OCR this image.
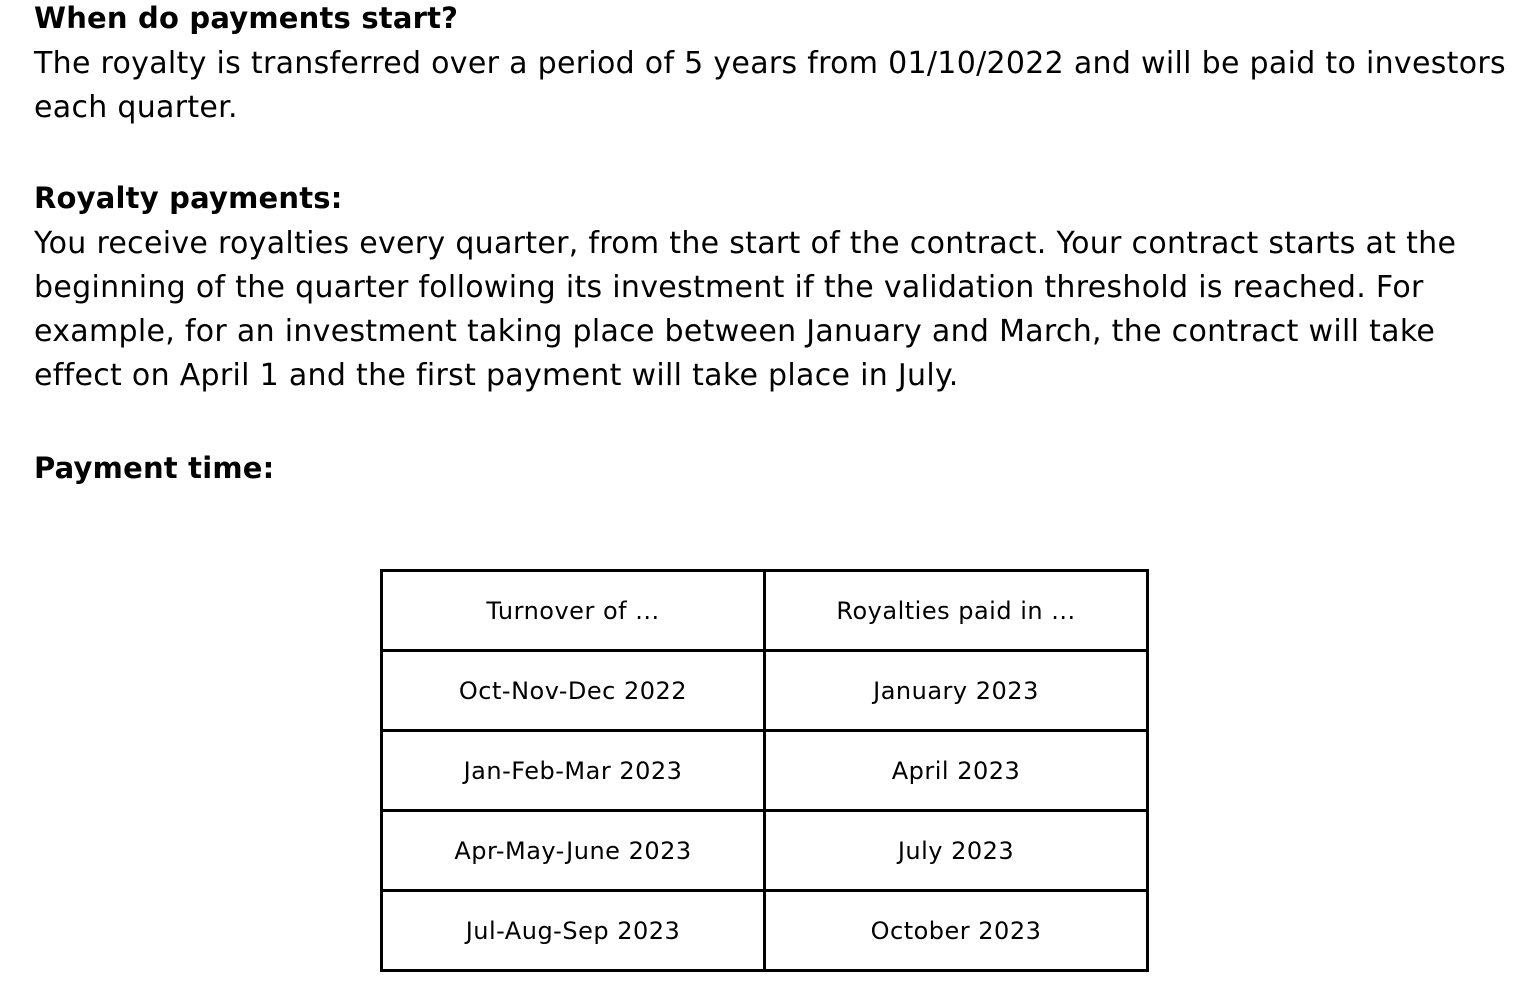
When do payments start?

The royalty is transferred over a period of 5 years from 01/10/2022 and will be paid to investors each quarter.

Royalty payments:

You receive royalties every quarter, from the start of the contract. Your contract starts at the beginning of the quarter following its investment if the validation threshold is reached. For example, for an investment taking place between January and March, the contract will take effect on April 1 and the first payment will take place in July.

Payment time:

Turnover of ...	Royalties paid in ...
Oct-Nov-Dec 2022	January 2023
Jan-Feb-Mar 2023	April 2023
Apr-May-June 2023	July 2023
Jul-Aug-Sep 2023	October 2023
